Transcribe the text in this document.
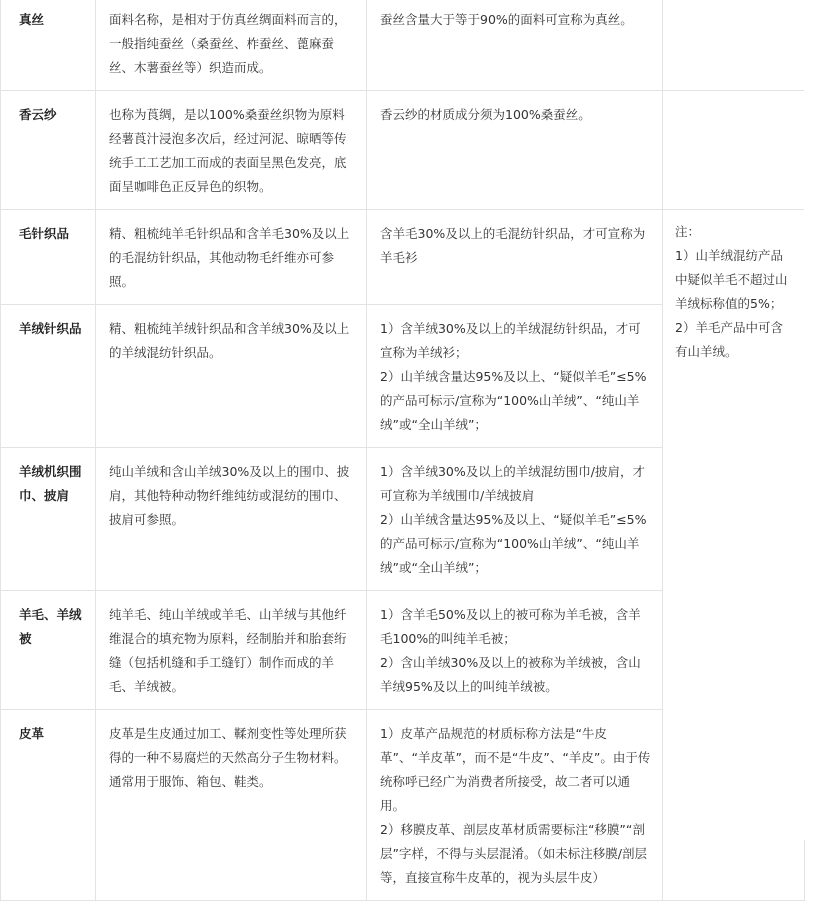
真丝	面料名称，是相对于仿真丝绸面料而言的，一般指纯蚕丝（桑蚕丝、柞蚕丝、蓖麻蚕丝、木薯蚕丝等）织造而成。	蚕丝含量大于等于90%的面料可宣称为真丝。		
香云纱	也称为莨绸，是以100%桑蚕丝织物为原料经薯莨汁浸泡多次后，经过河泥、晾晒等传统手工工艺加工而成的表面呈黑色发亮，底面呈咖啡色正反异色的织物。	香云纱的材质成分须为100%桑蚕丝。		
毛针织品	精、粗梳纯羊毛针织品和含羊毛30%及以上的毛混纺针织品，其他动物毛纤维亦可参照。	含羊毛30%及以上的毛混纺针织品，才可宣称为羊毛衫	注：
1）山羊绒混纺产品中疑似羊毛不超过山羊绒标称值的5%；
2）羊毛产品中可含有山羊绒。	

羊绒针织品	精、粗梳纯羊绒针织品和含羊绒30%及以上的羊绒混纺针织品。	1）含羊绒30%及以上的羊绒混纺针织品，才可宣称为羊绒衫；
2）山羊绒含量达95%及以上、“疑似羊毛”≤5%的产品可标示/宣称为“100%山羊绒”、“纯山羊绒”或“全山羊绒”；		

羊绒机织围巾、披肩	纯山羊绒和含山羊绒30%及以上的围巾、披肩，其他特种动物纤维纯纺或混纺的围巾、披肩可参照。	1）含羊绒30%及以上的羊绒混纺围巾/披肩，才可宣称为羊绒围巾/羊绒披肩
2）山羊绒含量达95%及以上、“疑似羊毛”≤5%的产品可标示/宣称为“100%山羊绒”、“纯山羊绒”或“全山羊绒”；		

羊毛、羊绒被	纯羊毛、纯山羊绒或羊毛、山羊绒与其他纤维混合的填充物为原料，经制胎并和胎套绗缝（包括机缝和手工缝钉）制作而成的羊毛、羊绒被。	1）含羊毛50%及以上的被可称为羊毛被，含羊毛100%的叫纯羊毛被；
2）含山羊绒30%及以上的被称为羊绒被，含山羊绒95%及以上的叫纯羊绒被。		

皮革	皮革是生皮通过加工、鞣剂变性等处理所获得的一种不易腐烂的天然高分子生物材料。通常用于服饰、箱包、鞋类。	1）皮革产品规范的材质标称方法是“牛皮革”、“羊皮革”，而不是“牛皮”、“羊皮”。由于传统称呼已经广为消费者所接受，故二者可以通用。
2）移膜皮革、剖层皮革材质需要标注“移膜”“剖层”字样，不得与头层混淆。（如未标注移膜/剖层等，直接宣称牛皮革的，视为头层牛皮）		
